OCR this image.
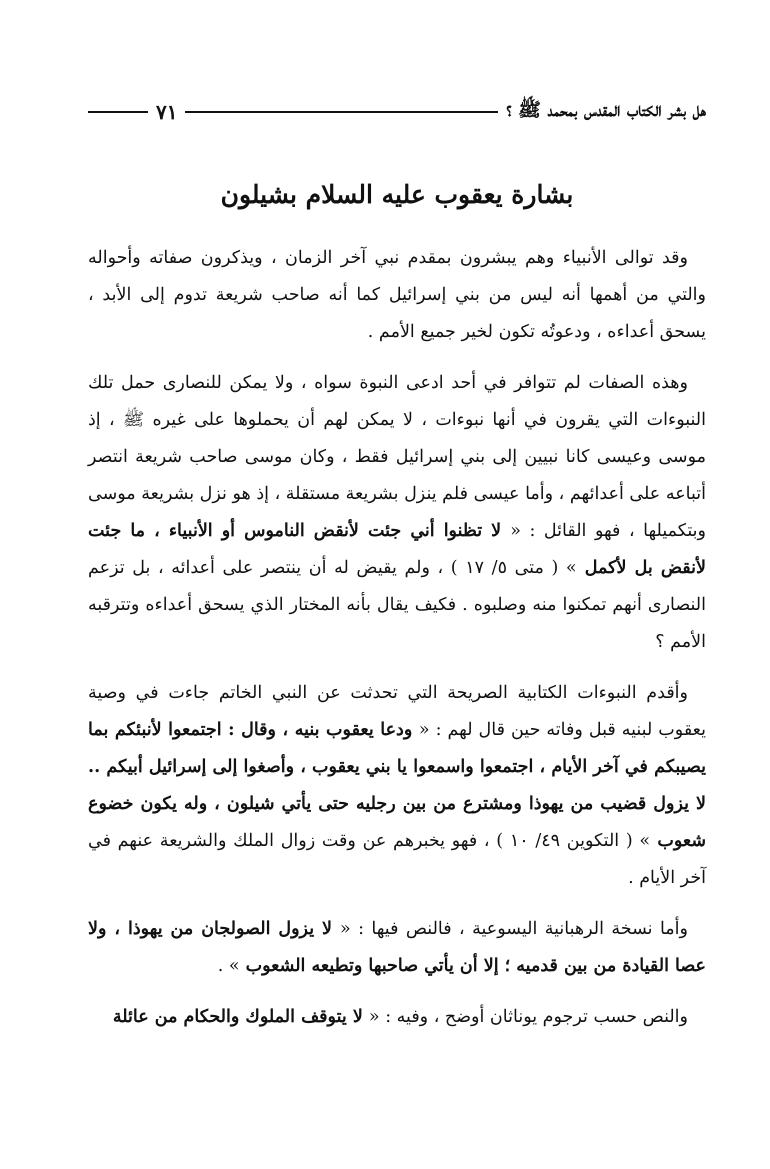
هل بشر الكتاب المقدس بمحمد ﷺ ؟
٧١
بشارة يعقوب عليه السلام بشيلون

وقد توالى الأنبياء وهم يبشرون بمقدم نبي آخر الزمان ، ويذكرون صفاته وأحواله والتي من أهمها أنه ليس من بني إسرائيل كما أنه صاحب شريعة تدوم إلى الأبد ، يسحق أعداءه ، ودعوتُه تكون لخير جميع الأمم .

وهذه الصفات لم تتوافر في أحد ادعى النبوة سواه ، ولا يمكن للنصارى حمل تلك النبوءات التي يقرون في أنها نبوءات ، لا يمكن لهم أن يحملوها على غيره ﷺ ، إذ موسى وعيسى كانا نبيين إلى بني إسرائيل فقط ، وكان موسى صاحب شريعة انتصر أتباعه على أعدائهم ، وأما عيسى فلم ينزل بشريعة مستقلة ، إذ هو نزل بشريعة موسى وبتكميلها ، فهو القائل : « لا تظنوا أني جئت لأنقض الناموس أو الأنبياء ، ما جئت لأنقض بل لأكمل » ( متى ٥/ ١٧ ) ، ولم يقيض له أن ينتصر على أعدائه ، بل تزعم النصارى أنهم تمكنوا منه وصلبوه . فكيف يقال بأنه المختار الذي يسحق أعداءه وتترقبه الأمم ؟

وأقدم النبوءات الكتابية الصريحة التي تحدثت عن النبي الخاتم جاءت في وصية يعقوب لبنيه قبل وفاته حين قال لهم : « ودعا يعقوب بنيه ، وقال : اجتمعوا لأنبئكم بما يصيبكم في آخر الأيام ، اجتمعوا واسمعوا يا بني يعقوب ، وأصغوا إلى إسرائيل أبيكم .. لا يزول قضيب من يهوذا ومشترع من بين رجليه حتى يأتي شيلون ، وله يكون خضوع شعوب » ( التكوين ٤٩/ ١٠ ) ، فهو يخبرهم عن وقت زوال الملك والشريعة عنهم في آخر الأيام .

وأما نسخة الرهبانية اليسوعية ، فالنص فيها : « لا يزول الصولجان من يهوذا ، ولا عصا القيادة من بين قدميه ؛ إلا أن يأتي صاحبها وتطيعه الشعوب » .

والنص حسب ترجوم يوناثان أوضح ، وفيه : « لا يتوقف الملوك والحكام من عائلة
